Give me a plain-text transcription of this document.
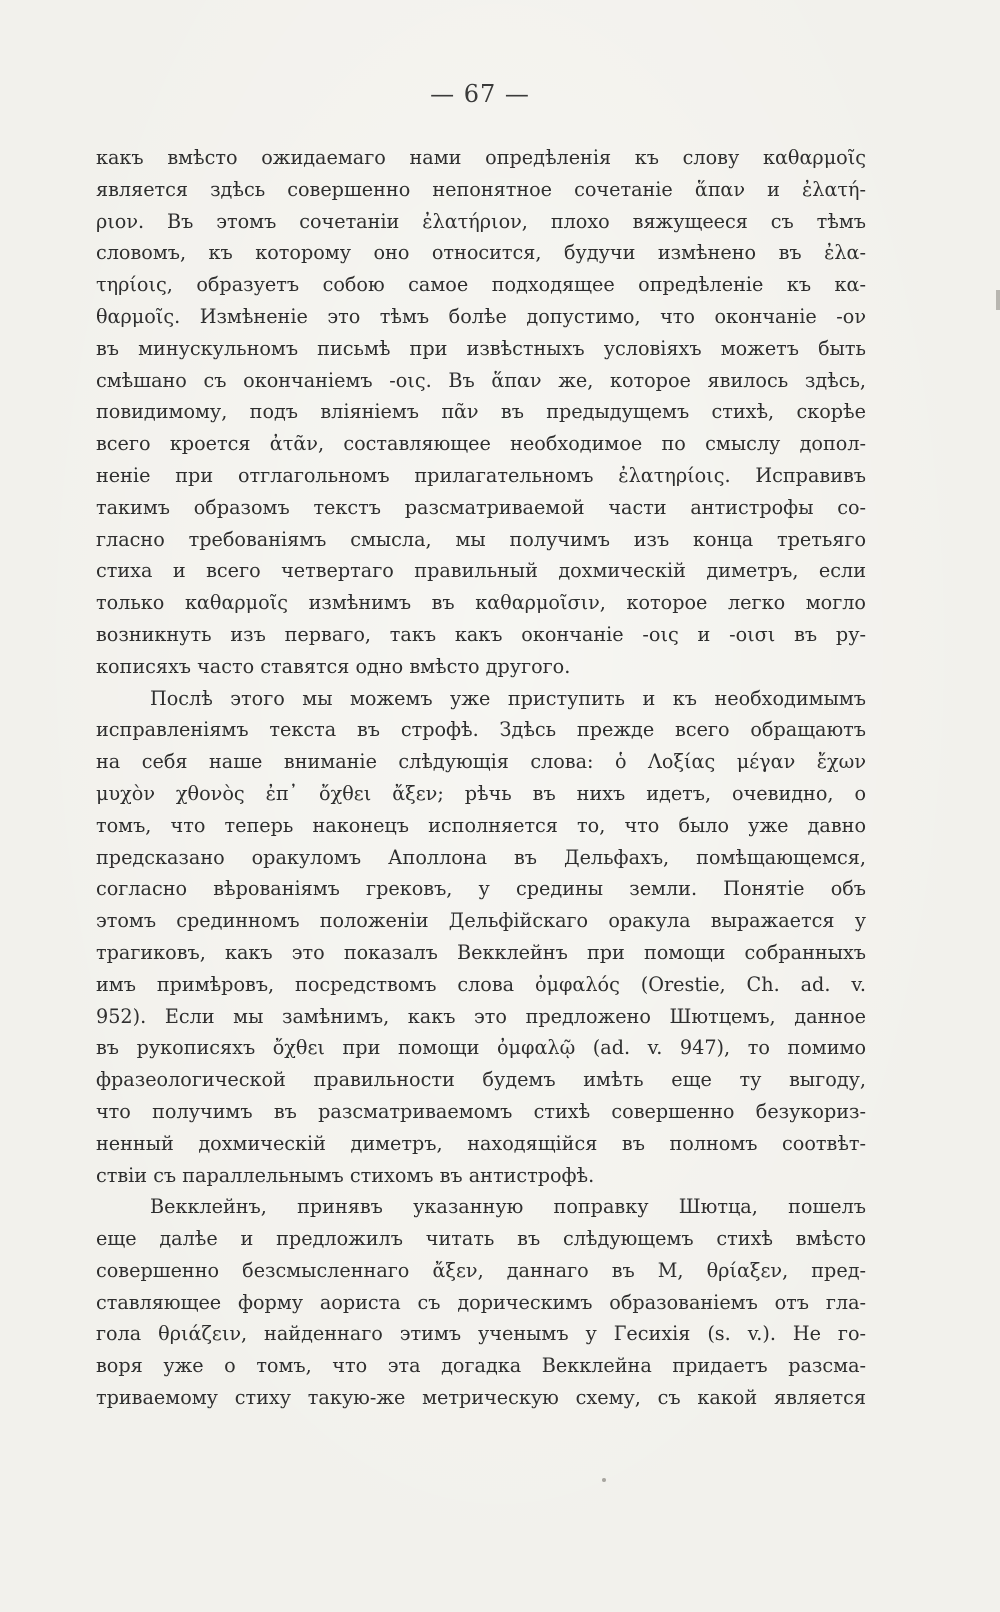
— 67 —
какъ вмѣсто ожидаемаго нами опредѣленія къ слову καθαρμοῖς
является здѣсь совершенно непонятное сочетаніе ἅπαν и ἐλατή-
ριον. Въ этомъ сочетаніи ἐλατήριον, плохо вяжущееся съ тѣмъ
словомъ, къ которому оно относится, будучи измѣнено въ ἐλα-
τηρίοις, образуетъ собою самое подходящее опредѣленіе къ κα-
θαρμοῖς. Измѣненіе это тѣмъ болѣе допустимо, что окончаніе -ον
въ минускульномъ письмѣ при извѣстныхъ условіяхъ можетъ быть
смѣшано съ окончаніемъ -οις. Въ ἅπαν же, которое явилось здѣсь,
повидимому, подъ вліяніемъ πᾶν въ предыдущемъ стихѣ, скорѣе
всего кроется ἀτᾶν, составляющее необходимое по смыслу допол-
неніе при отглагольномъ прилагательномъ ἐλατηρίοις. Исправивъ
такимъ образомъ текстъ разсматриваемой части антистрофы со-
гласно требованіямъ смысла, мы получимъ изъ конца третьяго
стиха и всего четвертаго правильный дохмическій диметръ, если
только καθαρμοῖς измѣнимъ въ καθαρμοῖσιν, которое легко могло
возникнуть изъ перваго, такъ какъ окончаніе -οις и -οισι въ ру-
кописяхъ часто ставятся одно вмѣсто другого.
Послѣ этого мы можемъ уже приступить и къ необходимымъ
исправленіямъ текста въ строфѣ. Здѣсь прежде всего обращаютъ
на себя наше вниманіе слѣдующія слова: ὁ Λοξίας μέγαν ἔχων
μυχὸν χθονὸς ἐπ᾽ ὄχθει ἄξεν; рѣчь въ нихъ идетъ, очевидно, о
томъ, что теперь наконецъ исполняется то, что было уже давно
предсказано оракуломъ Аполлона въ Дельфахъ, помѣщающемся,
согласно вѣрованіямъ грековъ, у средины земли. Понятіе объ
этомъ срединномъ положеніи Дельфійскаго оракула выражается у
трагиковъ, какъ это показалъ Векклейнъ при помощи собранныхъ
имъ примѣровъ, посредствомъ слова ὀμφαλός (Orestie, Ch. ad. v.
952). Если мы замѣнимъ, какъ это предложено Шютцемъ, данное
въ рукописяхъ ὄχθει при помощи ὀμφαλῷ (ad. v. 947), то помимо
фразеологической правильности будемъ имѣть еще ту выгоду,
что получимъ въ разсматриваемомъ стихѣ совершенно безукориз-
ненный дохмическій диметръ, находящійся въ полномъ соотвѣт-
ствіи съ параллельнымъ стихомъ въ антистрофѣ.
Векклейнъ, принявъ указанную поправку Шютца, пошелъ
еще далѣе и предложилъ читать въ слѣдующемъ стихѣ вмѣсто
совершенно безсмысленнаго ἄξεν, даннаго въ M, θρίαξεν, пред-
ставляющее форму аориста съ дорическимъ образованіемъ отъ гла-
гола θριάζειν, найденнаго этимъ ученымъ у Гесихія (s. v.). Не го-
воря уже о томъ, что эта догадка Векклейна придаетъ разсма-
триваемому стиху такую-же метрическую схему, съ какой является
